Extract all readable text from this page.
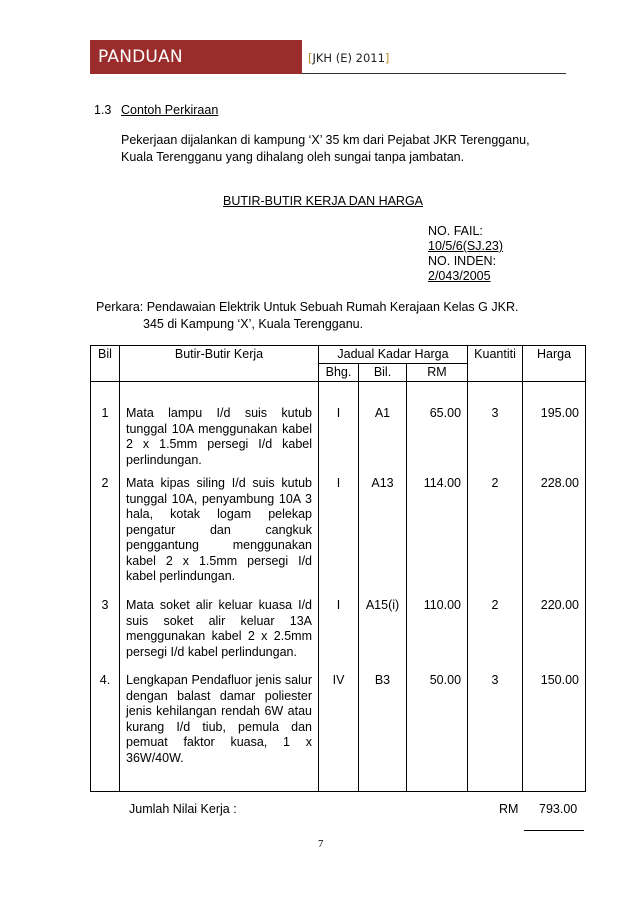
PANDUAN PENGGUNAAN
[JKH (E) 2011]
1.3 Contoh Perkiraan
Pekerjaan dijalankan di kampung ‘X’ 35 km dari Pejabat JKR Terengganu,
Kuala Terengganu yang dihalang oleh sungai tanpa jambatan.
BUTIR-BUTIR KERJA DAN HARGA
NO. FAIL:
10/5/6(SJ.23)
NO. INDEN:
2/043/2005
Perkara: Pendawaian Elektrik Untuk Sebuah Rumah Kerajaan Kelas G JKR.
345 di Kampung ‘X’, Kuala Terengganu.
Bil	Butir-Butir Kerja	Jadual Kadar Harga			Kuantiti	Harga
		Bhg.	Bil.	RM		

1	Mata lampu I/d suis kutub tunggal 10A menggunakan kabel 2 x 1.5mm persegi I/d kabel perlindungan.	I	A1	65.00	3	195.00
2	Mata kipas siling I/d suis kutub tunggal 10A, penyambung 10A 3 hala, kotak logam pelekap pengatur dan cangkuk penggantung menggunakan kabel 2 x 1.5mm persegi I/d kabel perlindungan.	I	A13	114.00	2	228.00
3	Mata soket alir keluar kuasa I/d suis soket alir keluar 13A menggunakan kabel 2 x 2.5mm persegi I/d kabel perlindungan.	I	A15(i)	110.00	2	220.00
4.	Lengkapan Pendafluor jenis salur dengan balast damar poliester jenis kehilangan rendah 6W atau kurang I/d tiub, pemula dan pemuat faktor kuasa, 1 x 36W/40W.	IV	B3	50.00	3	150.00
Jumlah Nilai Kerja :	RM 793.00
7
